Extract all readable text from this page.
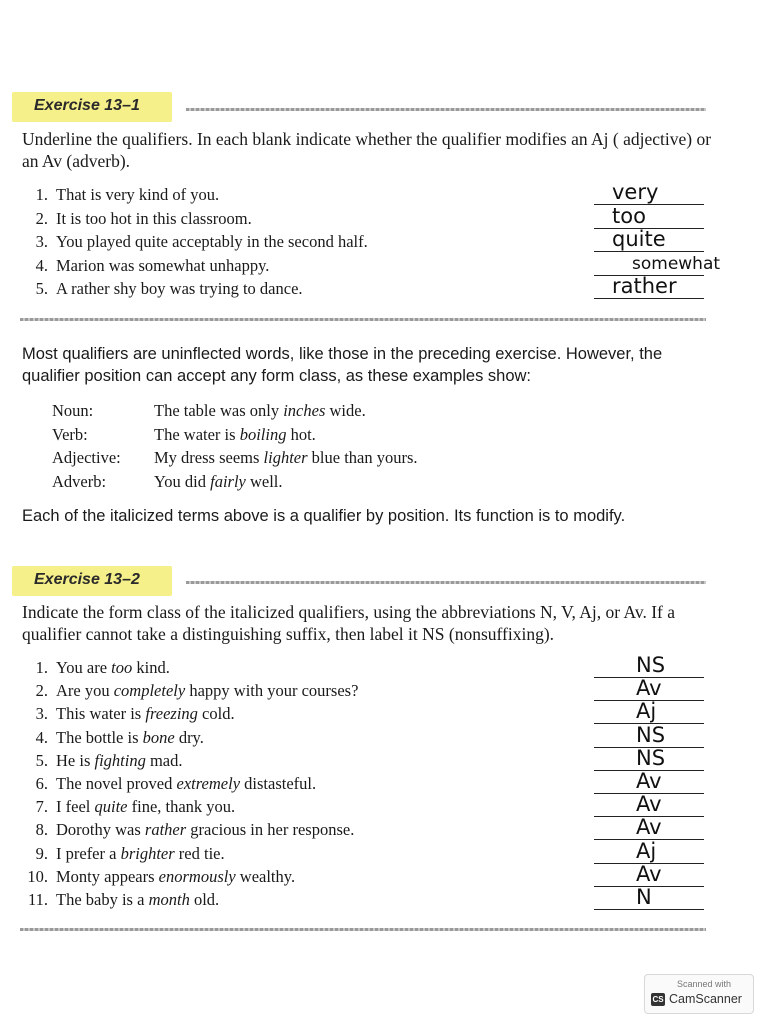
Exercise 13–1
Underline the qualifiers. In each blank indicate whether the qualifier modifies an Aj ( adjective) or an Av (adverb).
1. That is very kind of you.	very
2. It is too hot in this classroom.	too
3. You played quite acceptably in the second half.	quite
4. Marion was somewhat unhappy.	somewhat
5. A rather shy boy was trying to dance.	rather
Most qualifiers are uninflected words, like those in the preceding exercise. However, the qualifier position can accept any form class, as these examples show:
Noun:	The table was only inches wide.
Verb:	The water is boiling hot.
Adjective: My dress seems lighter blue than yours.
Adverb:	You did fairly well.
Each of the italicized terms above is a qualifier by position. Its function is to modify.
Exercise 13–2
Indicate the form class of the italicized qualifiers, using the abbreviations N, V, Aj, or Av. If a qualifier cannot take a distinguishing suffix, then label it NS (nonsuffixing).
1. You are too kind.	NS
2. Are you completely happy with your courses?	Av
3. This water is freezing cold.	Aj
4. The bottle is bone dry.	NS
5. He is fighting mad.	NS
6. The novel proved extremely distasteful.	Av
7. I feel quite fine, thank you.	Av
8. Dorothy was rather gracious in her response.	Av
9. I prefer a brighter red tie.	Aj
10. Monty appears enormously wealthy.	Av
11. The baby is a month old.	N
Scanned with
CS CamScanner
